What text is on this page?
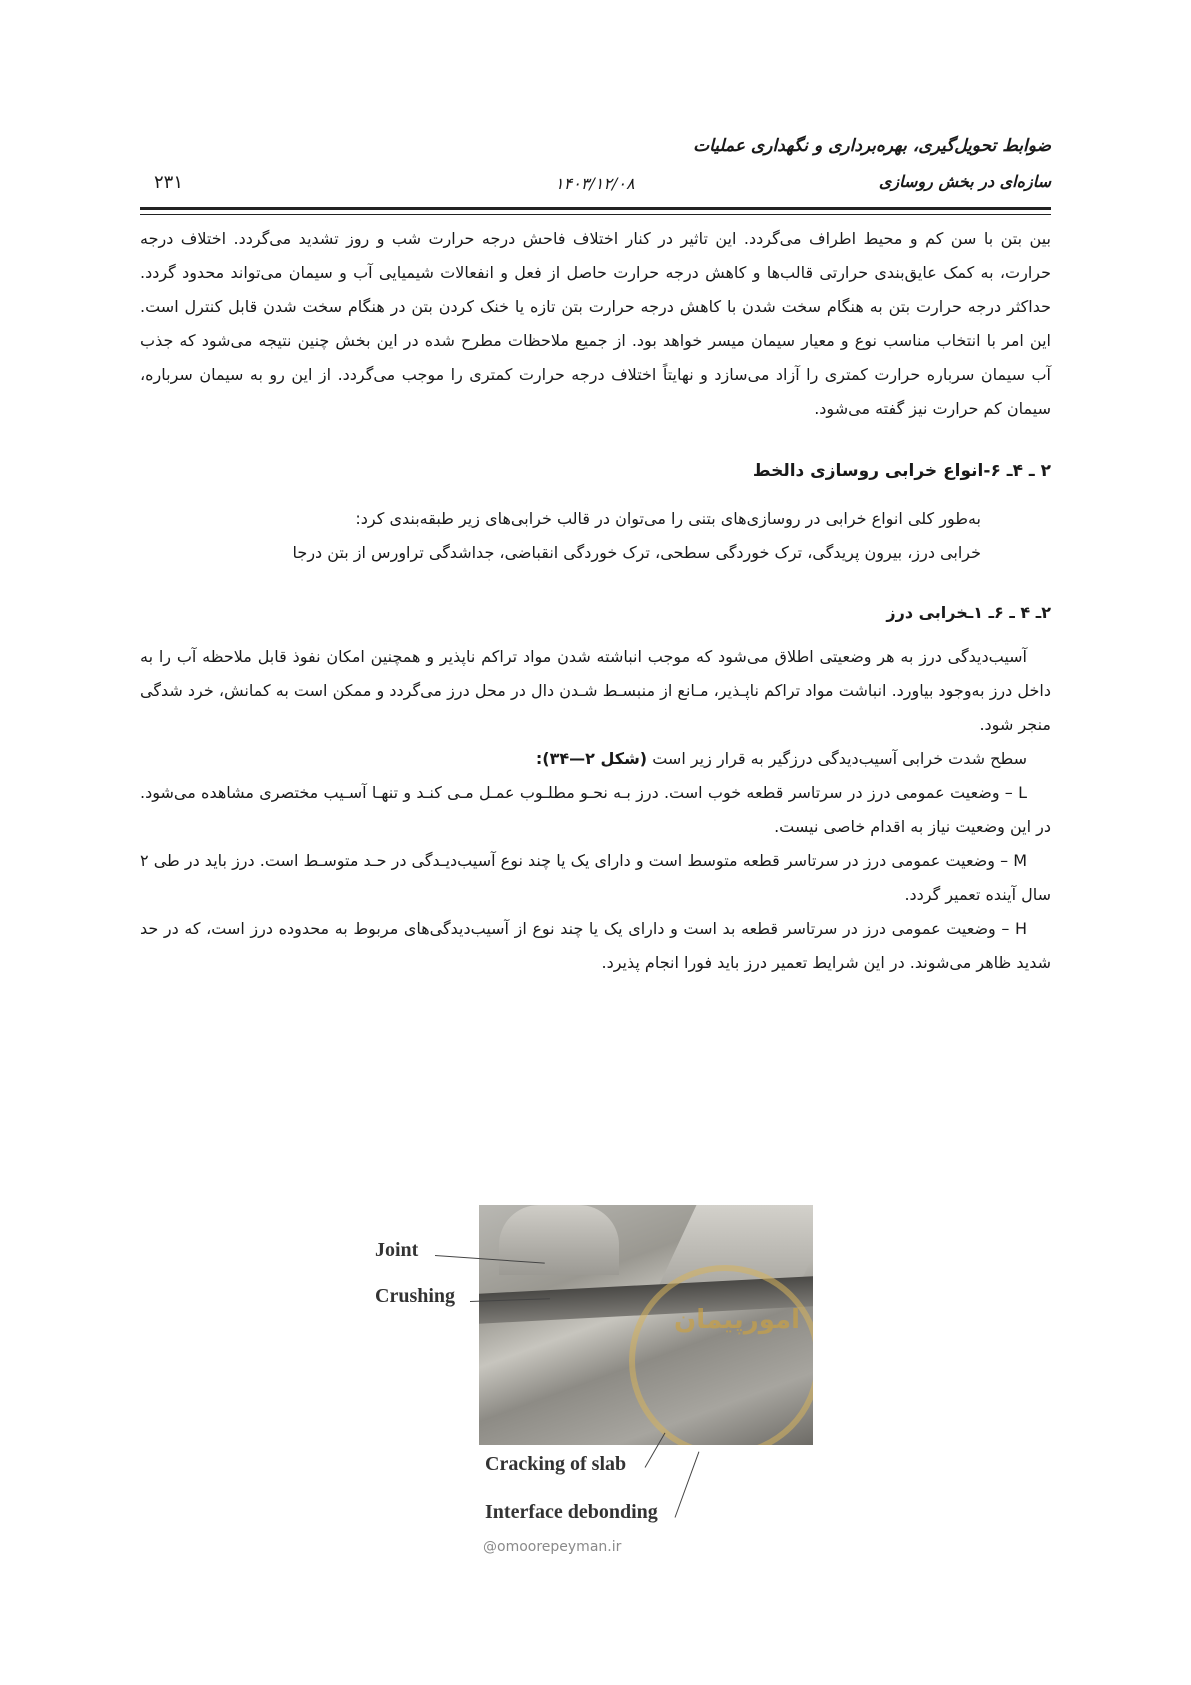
ضوابط تحویل‌گیری، بهره‌برداری و نگهداری عملیات
سازه‌ای در بخش روسازی
۱۴۰۳/۱۲/۰۸
۲۳۱

بین بتن با سن کم و محیط اطراف می‌گردد. این تاثیر در کنار اختلاف فاحش درجه حرارت شب و روز تشدید می‌گردد. اختلاف درجه حرارت، به کمک عایق‌بندی حرارتی قالب‌ها و کاهش درجه حرارت حاصل از فعل و انفعالات شیمیایی آب و سیمان می‌تواند محدود گردد. حداکثر درجه حرارت بتن به هنگام سخت شدن با کاهش درجه حرارت بتن تازه یا خنک کردن بتن در هنگام سخت شدن قابل کنترل است. این امر با انتخاب مناسب نوع و معیار سیمان میسر خواهد بود. از جمیع ملاحظات مطرح شده در این بخش چنین نتیجه می‌شود که جذب آب سیمان سرباره حرارت کمتری را آزاد می‌سازد و نهایتاً اختلاف درجه حرارت کمتری را موجب می‌گردد. از این رو به سیمان سرباره، سیمان کم حرارت نیز گفته می‌شود.

۲ ـ ۴ـ ۶-انواع خرابی روسازی دالخط

به‌طور کلی انواع خرابی در روسازی‌های بتنی را می‌توان در قالب خرابی‌های زیر طبقه‌بندی کرد:

خرابی درز، بیرون پریدگی، ترک خوردگی سطحی، ترک خوردگی انقباضی، جداشدگی تراورس از بتن درجا

۲ـ ۴ ـ ۶ـ ۱ـخرابی درز

آسیب‌دیدگی درز به هر وضعیتی اطلاق می‌شود که موجب انباشته شدن مواد تراکم ناپذیر و همچنین امکان نفوذ قابل ملاحظه آب را به داخل درز به‌وجود بیاورد. انباشت مواد تراکم ناپـذیر، مـانع از منبسـط شـدن دال در محل درز می‌گردد و ممکن است به کمانش، خرد شدگی منجر شود.

سطح شدت خرابی آسیب‌دیدگی درزگیر به قرار زیر است (شکل ۲—۳۴):

L – وضعیت عمومی درز در سرتاسر قطعه خوب است. درز بـه نحـو مطلـوب عمـل مـی کنـد و تنهـا آسـیب مختصری مشاهده می‌شود. در این وضعیت نیاز به اقدام خاصی نیست.

M – وضعیت عمومی درز در سرتاسر قطعه متوسط است و دارای یک یا چند نوع آسیب‌دیـدگی در حـد متوسـط است. درز باید در طی ۲ سال آینده تعمیر گردد.

H – وضعیت عمومی درز در سرتاسر قطعه بد است و دارای یک یا چند نوع از آسیب‌دیدگی‌های مربوط به محدوده درز است، که در حد شدید ظاهر می‌شوند. در این شرایط تعمیر درز باید فورا انجام پذیرد.

امورپیمان
Joint
Crushing
Cracking of slab
Interface debonding
@omoorepeyman.ir
